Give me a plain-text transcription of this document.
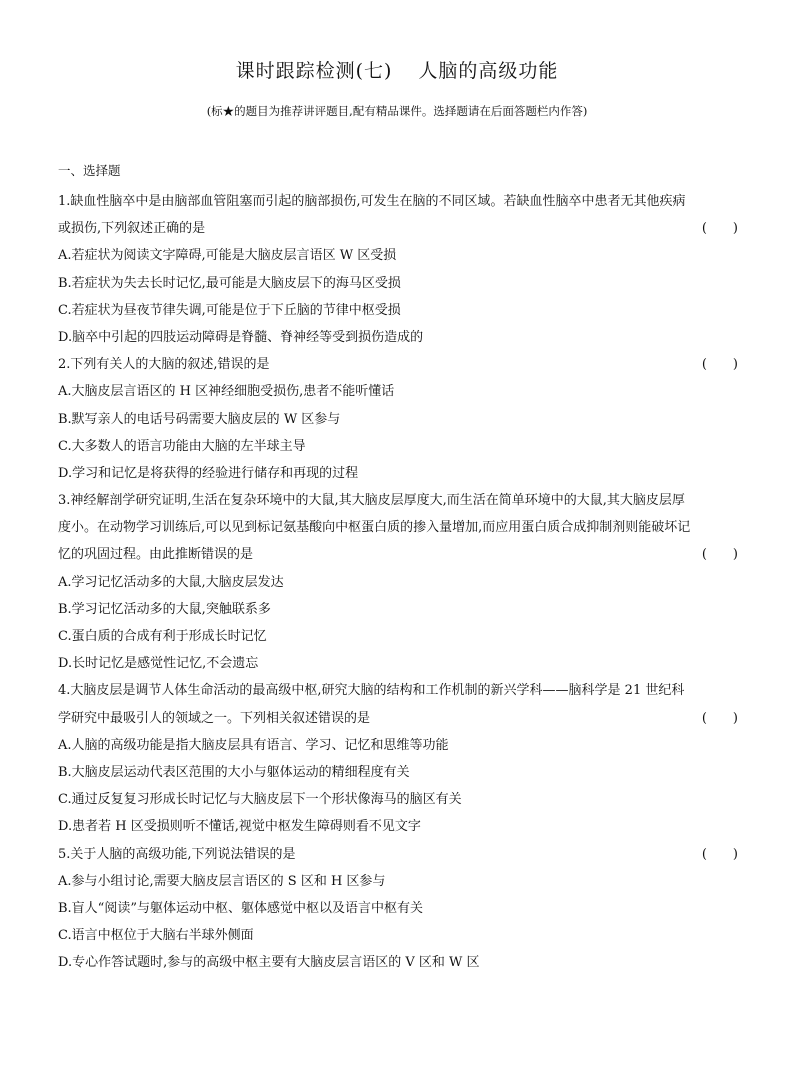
课时跟踪检测(七) 人脑的高级功能
(标★的题目为推荐讲评题目,配有精品课件。选择题请在后面答题栏内作答)
一、选择题
1.缺血性脑卒中是由脑部血管阻塞而引起的脑部损伤,可发生在脑的不同区域。若缺血性脑卒中患者无其他疾病
或损伤,下列叙述正确的是	(　　)
A.若症状为阅读文字障碍,可能是大脑皮层言语区 W 区受损
B.若症状为失去长时记忆,最可能是大脑皮层下的海马区受损
C.若症状为昼夜节律失调,可能是位于下丘脑的节律中枢受损
D.脑卒中引起的四肢运动障碍是脊髓、脊神经等受到损伤造成的
2.下列有关人的大脑的叙述,错误的是	(　　)
A.大脑皮层言语区的 H 区神经细胞受损伤,患者不能听懂话
B.默写亲人的电话号码需要大脑皮层的 W 区参与
C.大多数人的语言功能由大脑的左半球主导
D.学习和记忆是将获得的经验进行储存和再现的过程
3.神经解剖学研究证明,生活在复杂环境中的大鼠,其大脑皮层厚度大,而生活在简单环境中的大鼠,其大脑皮层厚
度小。在动物学习训练后,可以见到标记氨基酸向中枢蛋白质的掺入量增加,而应用蛋白质合成抑制剂则能破坏记
忆的巩固过程。由此推断错误的是	(　　)
A.学习记忆活动多的大鼠,大脑皮层发达
B.学习记忆活动多的大鼠,突触联系多
C.蛋白质的合成有利于形成长时记忆
D.长时记忆是感觉性记忆,不会遗忘
4.大脑皮层是调节人体生命活动的最高级中枢,研究大脑的结构和工作机制的新兴学科——脑科学是 21 世纪科
学研究中最吸引人的领域之一。下列相关叙述错误的是	(　　)
A.人脑的高级功能是指大脑皮层具有语言、学习、记忆和思维等功能
B.大脑皮层运动代表区范围的大小与躯体运动的精细程度有关
C.通过反复复习形成长时记忆与大脑皮层下一个形状像海马的脑区有关
D.患者若 H 区受损则听不懂话,视觉中枢发生障碍则看不见文字
5.关于人脑的高级功能,下列说法错误的是	(　　)
A.参与小组讨论,需要大脑皮层言语区的 S 区和 H 区参与
B.盲人“阅读”与躯体运动中枢、躯体感觉中枢以及语言中枢有关
C.语言中枢位于大脑右半球外侧面
D.专心作答试题时,参与的高级中枢主要有大脑皮层言语区的 V 区和 W 区
